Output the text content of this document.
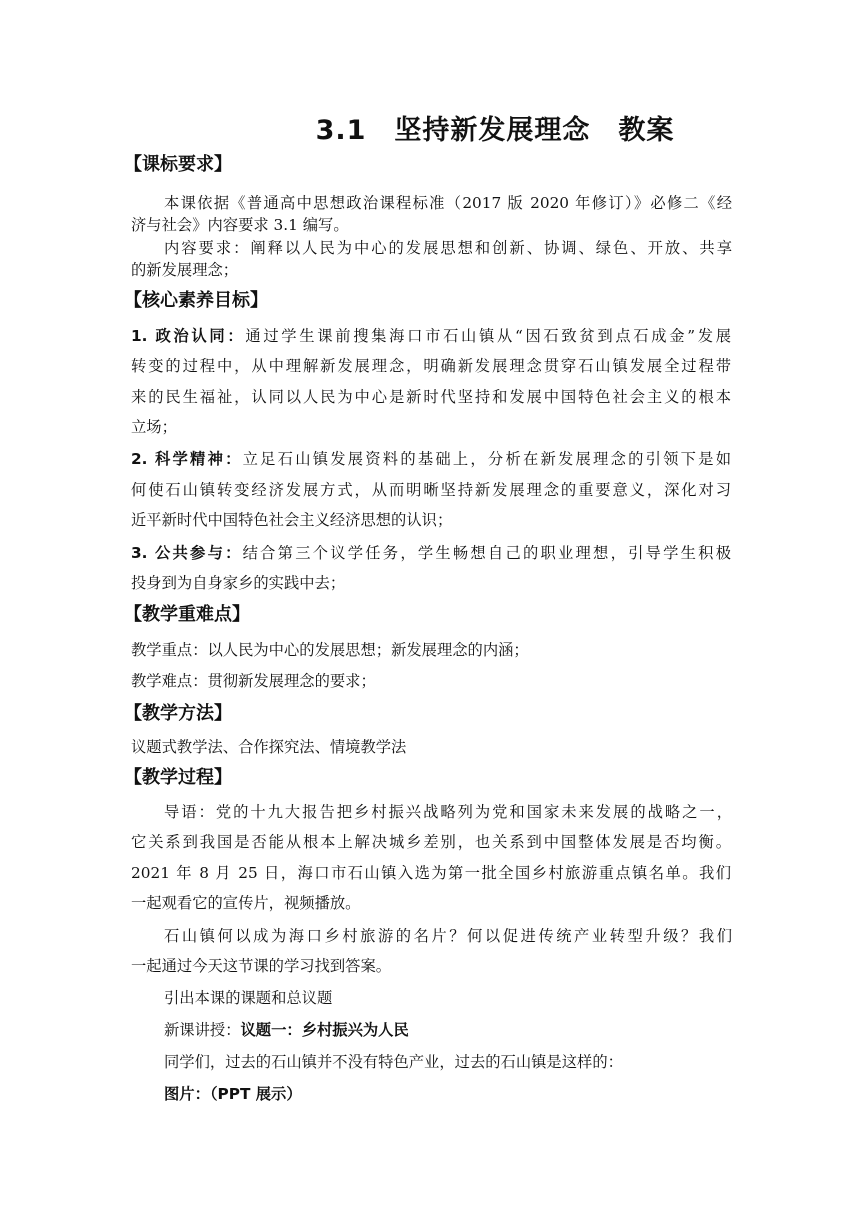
3.1　坚持新发展理念　教案
【课标要求】
本课依据《普通高中思想政治课程标准（2017 版 2020 年修订）》必修二《经
济与社会》内容要求 3.1 编写。
内容要求：阐释以人民为中心的发展思想和创新、协调、绿色、开放、共享
的新发展理念；
【核心素养目标】
1. 政治认同：通过学生课前搜集海口市石山镇从“因石致贫到点石成金”发展
转变的过程中，从中理解新发展理念，明确新发展理念贯穿石山镇发展全过程带
来的民生福祉，认同以人民为中心是新时代坚持和发展中国特色社会主义的根本
立场；
2. 科学精神：立足石山镇发展资料的基础上，分析在新发展理念的引领下是如
何使石山镇转变经济发展方式，从而明晰坚持新发展理念的重要意义，深化对习
近平新时代中国特色社会主义经济思想的认识；
3. 公共参与：结合第三个议学任务，学生畅想自己的职业理想，引导学生积极
投身到为自身家乡的实践中去；
【教学重难点】
教学重点：以人民为中心的发展思想；新发展理念的内涵；
教学难点：贯彻新发展理念的要求；
【教学方法】
议题式教学法、合作探究法、情境教学法
【教学过程】
导语：党的十九大报告把乡村振兴战略列为党和国家未来发展的战略之一，
它关系到我国是否能从根本上解决城乡差别，也关系到中国整体发展是否均衡。
2021 年 8 月 25 日，海口市石山镇入选为第一批全国乡村旅游重点镇名单。我们
一起观看它的宣传片，视频播放。
石山镇何以成为海口乡村旅游的名片？何以促进传统产业转型升级？我们
一起通过今天这节课的学习找到答案。
引出本课的课题和总议题
新课讲授：议题一：乡村振兴为人民
同学们，过去的石山镇并不没有特色产业，过去的石山镇是这样的：
图片：（PPT 展示）
